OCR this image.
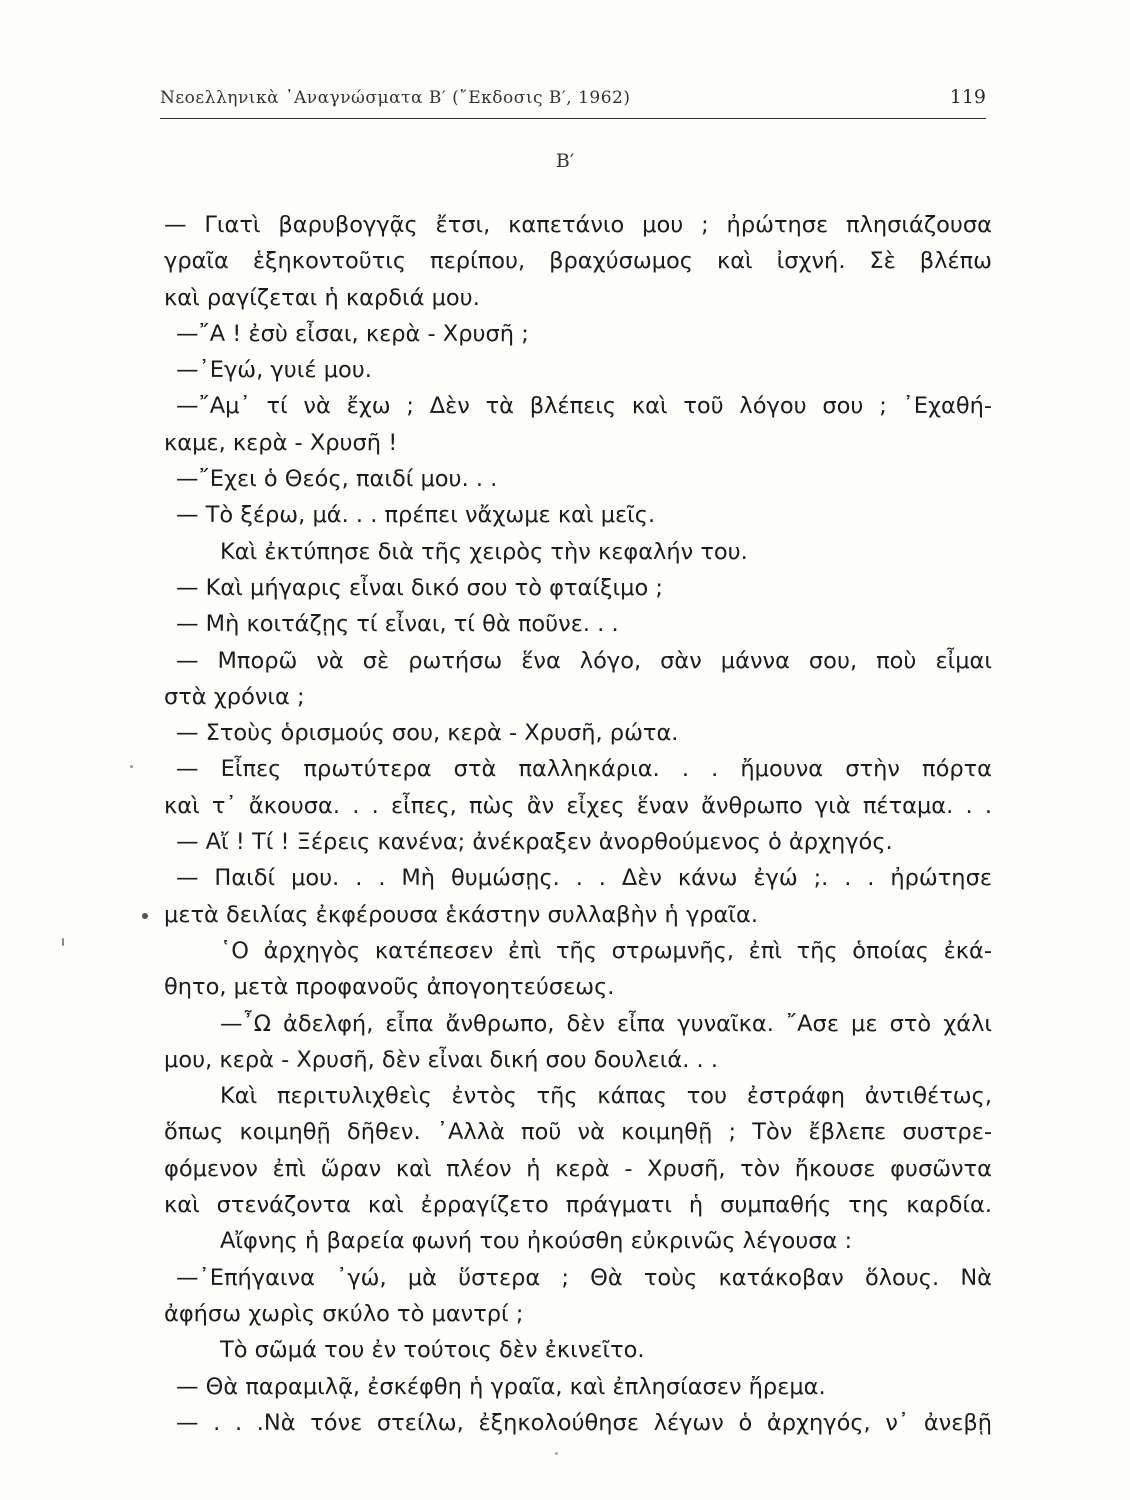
Νεοελληνικὰ ᾿Αναγνώσματα Β′ (῎Εκδοσις Β′, 1962)	119
Β′
— Γιατὶ βαρυβογγᾷς ἔτσι, καπετάνιο μου ; ἠρώτησε πλησιάζουσα
γραῖα ἑξηκοντοῦτις περίπου, βραχύσωμος καὶ ἰσχνή. Σὲ βλέπω
καὶ ραγίζεται ἡ καρδιά μου.
—῎Α ! ἐσὺ εἶσαι, κερὰ - Χρυσῆ ;
—᾿Εγώ, γυιέ μου.
—῎Αμ᾿ τί νὰ ἔχω ; Δὲν τὰ βλέπεις καὶ τοῦ λόγου σου ; ᾿Εχαθή-
καμε, κερὰ - Χρυσῆ !
—῎Εχει ὁ Θεός, παιδί μου. . .
— Τὸ ξέρω, μά. . . πρέπει νἄχωμε καὶ μεῖς.
Καὶ ἐκτύπησε διὰ τῆς χειρὸς τὴν κεφαλήν του.
— Καὶ μήγαρις εἶναι δικό σου τὸ φταίξιμο ;
— Μὴ κοιτάζῃς τί εἶναι, τί θὰ ποῦνε. . .
— Μπορῶ νὰ σὲ ρωτήσω ἕνα λόγο, σὰν μάννα σου, ποὺ εἶμαι
στὰ χρόνια ;
— Στοὺς ὁρισμούς σου, κερὰ - Χρυσῆ, ρώτα.
— Εἶπες πρωτύτερα στὰ παλληκάρια. . . ἤμουνα στὴν πόρτα
καὶ τ᾿ ἄκουσα. . . εἶπες, πὼς ἂν εἶχες ἕναν ἄνθρωπο γιὰ πέταμα. . .
— Αἴ ! Τί ! Ξέρεις κανένα; ἀνέκραξεν ἀνορθούμενος ὁ ἀρχηγός.
— Παιδί μου. . . Μὴ θυμώσῃς. . . Δὲν κάνω ἐγώ ;. . . ἠρώτησε
μετὰ δειλίας ἐκφέρουσα ἑκάστην συλλαβὴν ἡ γραῖα.
῾Ο ἀρχηγὸς κατέπεσεν ἐπὶ τῆς στρωμνῆς, ἐπὶ τῆς ὁποίας ἐκά-
θητο, μετὰ προφανοῦς ἀπογοητεύσεως.
—῏Ω ἀδελφή, εἶπα ἄνθρωπο, δὲν εἶπα γυναῖκα. ῎Ασε με στὸ χάλι
μου, κερὰ - Χρυσῆ, δὲν εἶναι δική σου δουλειά. . .
Καὶ περιτυλιχθεὶς ἐντὸς τῆς κάπας του ἐστράφη ἀντιθέτως,
ὅπως κοιμηθῇ δῆθεν. ᾿Αλλὰ ποῦ νὰ κοιμηθῇ ; Τὸν ἔβλεπε συστρε-
φόμενον ἐπὶ ὥραν καὶ πλέον ἡ κερὰ - Χρυσῆ, τὸν ἤκουσε φυσῶντα
καὶ στενάζοντα καὶ ἐρραγίζετο πράγματι ἡ συμπαθής της καρδία.
Αἴφνης ἡ βαρεία φωνή του ἠκούσθη εὐκρινῶς λέγουσα :
—᾿Επήγαινα ᾿γώ, μὰ ὕστερα ; Θὰ τοὺς κατάκοβαν ὅλους. Νὰ
ἀφήσω χωρὶς σκύλο τὸ μαντρί ;
Τὸ σῶμά του ἐν τούτοις δὲν ἐκινεῖτο.
— Θὰ παραμιλᾷ, ἐσκέφθη ἡ γραῖα, καὶ ἐπλησίασεν ἤρεμα.
— . . .Νὰ τόνε στείλω, ἐξηκολούθησε λέγων ὁ ἀρχηγός, ν᾿ ἀνεβῇ
